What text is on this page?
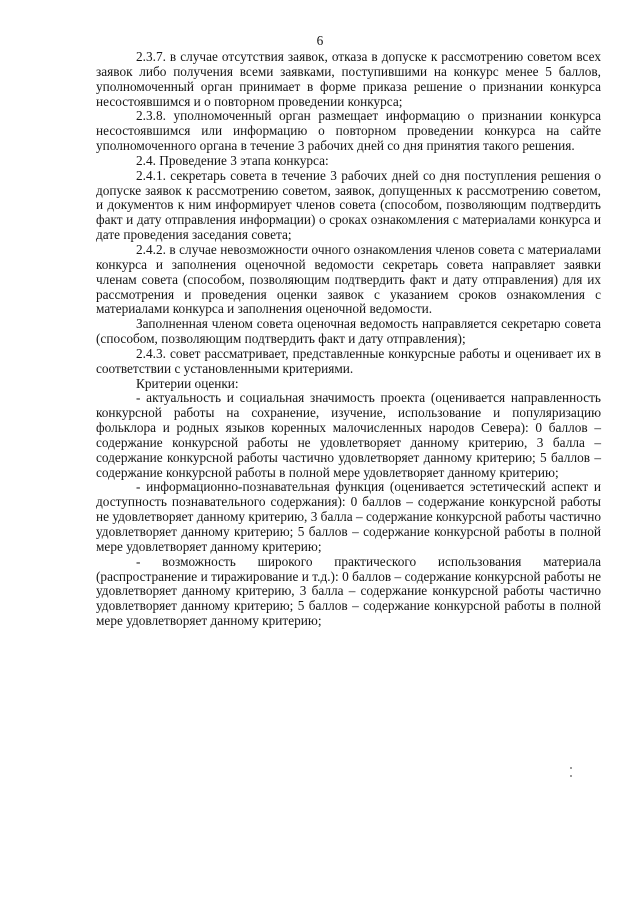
6

2.3.7. в случае отсутствия заявок, отказа в допуске к рассмотрению советом всех заявок либо получения всеми заявками, поступившими на конкурс менее 5 баллов, уполномоченный орган принимает в форме приказа решение о признании конкурса несостоявшимся и о повторном проведении конкурса;

2.3.8. уполномоченный орган размещает информацию о признании конкурса несостоявшимся или информацию о повторном проведении конкурса на сайте уполномоченного органа в течение 3 рабочих дней со дня принятия такого решения.

2.4. Проведение 3 этапа конкурса:

2.4.1. секретарь совета в течение 3 рабочих дней со дня поступления решения о допуске заявок к рассмотрению советом, заявок, допущенных к рассмотрению советом, и документов к ним информирует членов совета (способом, позволяющим подтвердить факт и дату отправления информации) о сроках ознакомления с материалами конкурса и дате проведения заседания совета;

2.4.2. в случае невозможности очного ознакомления членов совета с материалами конкурса и заполнения оценочной ведомости секретарь совета направляет заявки членам совета (способом, позволяющим подтвердить факт и дату отправления) для их рассмотрения и проведения оценки заявок с указанием сроков ознакомления с материалами конкурса и заполнения оценочной ведомости.

Заполненная членом совета оценочная ведомость направляется секретарю совета (способом, позволяющим подтвердить факт и дату отправления);

2.4.3. совет рассматривает, представленные конкурсные работы и оценивает их в соответствии с установленными критериями.

Критерии оценки:

- актуальность и социальная значимость проекта (оценивается направленность конкурсной работы на сохранение, изучение, использование и популяризацию фольклора и родных языков коренных малочисленных народов Севера): 0 баллов – содержание конкурсной работы не удовлетворяет данному критерию, 3 балла – содержание конкурсной работы частично удовлетворяет данному критерию; 5 баллов – содержание конкурсной работы в полной мере удовлетворяет данному критерию;

- информационно-познавательная функция (оценивается эстетический аспект и доступность познавательного содержания): 0 баллов – содержание конкурсной работы не удовлетворяет данному критерию, 3 балла – содержание конкурсной работы частично удовлетворяет данному критерию; 5 баллов – содержание конкурсной работы в полной мере удовлетворяет данному критерию;

- возможность широкого практического использования материала (распространение и тиражирование и т.д.): 0 баллов – содержание конкурсной работы не удовлетворяет данному критерию, 3 балла – содержание конкурсной работы частично удовлетворяет данному критерию; 5 баллов – содержание конкурсной работы в полной мере удовлетворяет данному критерию;
